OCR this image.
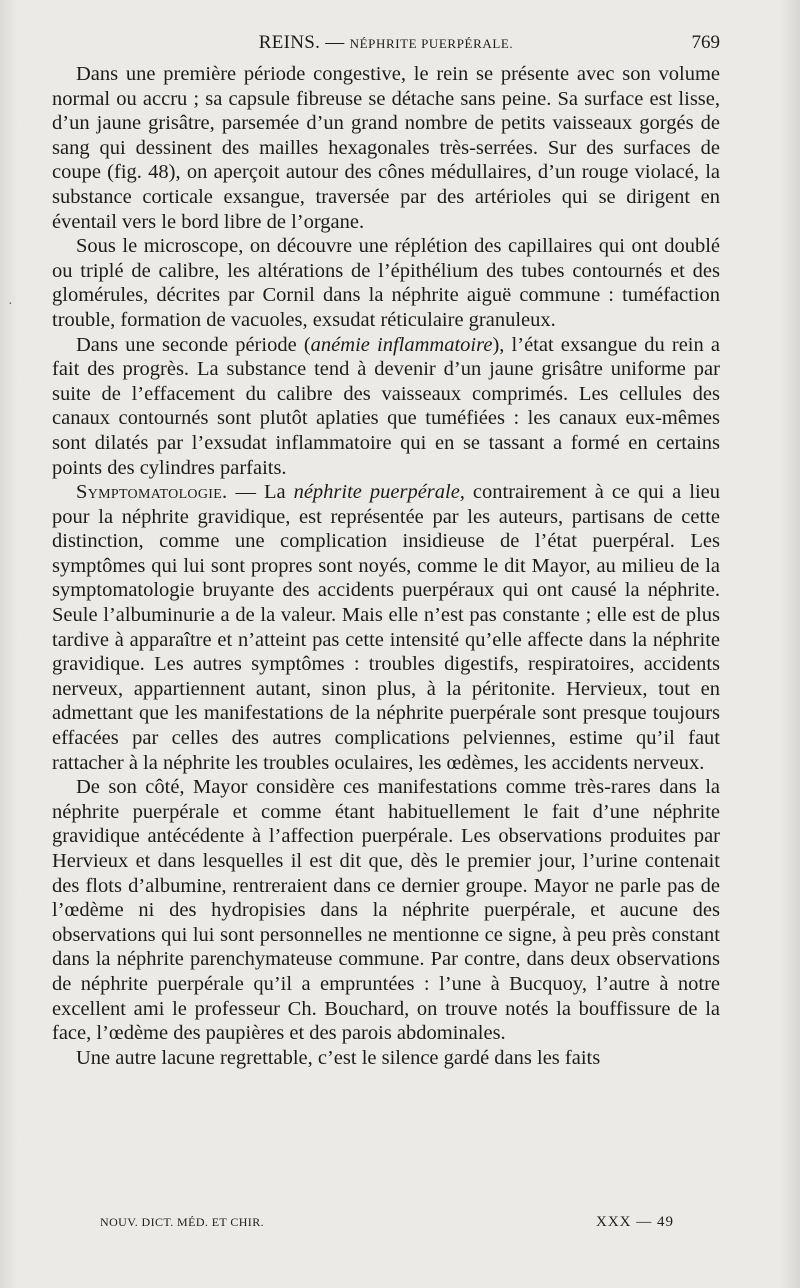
·
REINS. — NÉPHRITE PUERPÉRALE.	769

Dans une première période congestive, le rein se présente avec son volume normal ou accru ; sa capsule fibreuse se détache sans peine. Sa surface est lisse, d’un jaune grisâtre, parsemée d’un grand nombre de petits vaisseaux gorgés de sang qui dessinent des mailles hexagonales très-serrées. Sur des surfaces de coupe (fig. 48), on aperçoit autour des cônes médullaires, d’un rouge violacé, la substance corticale exsangue, traversée par des artérioles qui se dirigent en éventail vers le bord libre de l’organe.

Sous le microscope, on découvre une réplétion des capillaires qui ont doublé ou triplé de calibre, les altérations de l’épithélium des tubes contournés et des glomérules, décrites par Cornil dans la néphrite aiguë commune : tuméfaction trouble, formation de vacuoles, exsudat réticulaire granuleux.

Dans une seconde période (anémie inflammatoire), l’état exsangue du rein a fait des progrès. La substance tend à devenir d’un jaune grisâtre uniforme par suite de l’effacement du calibre des vaisseaux comprimés. Les cellules des canaux contournés sont plutôt aplaties que tuméfiées : les canaux eux-mêmes sont dilatés par l’exsudat inflammatoire qui en se tassant a formé en certains points des cylindres parfaits.

Symptomatologie. — La néphrite puerpérale, contrairement à ce qui a lieu pour la néphrite gravidique, est représentée par les auteurs, partisans de cette distinction, comme une complication insidieuse de l’état puerpéral. Les symptômes qui lui sont propres sont noyés, comme le dit Mayor, au milieu de la symptomatologie bruyante des accidents puerpéraux qui ont causé la néphrite. Seule l’albuminurie a de la valeur. Mais elle n’est pas constante ; elle est de plus tardive à apparaître et n’atteint pas cette intensité qu’elle affecte dans la néphrite gravidique. Les autres symptômes : troubles digestifs, respiratoires, accidents nerveux, appartiennent autant, sinon plus, à la péritonite. Hervieux, tout en admettant que les manifestations de la néphrite puerpérale sont presque toujours effacées par celles des autres complications pelviennes, estime qu’il faut rattacher à la néphrite les troubles oculaires, les œdèmes, les accidents nerveux.

De son côté, Mayor considère ces manifestations comme très-rares dans la néphrite puerpérale et comme étant habituellement le fait d’une néphrite gravidique antécédente à l’affection puerpérale. Les observations produites par Hervieux et dans lesquelles il est dit que, dès le premier jour, l’urine contenait des flots d’albumine, rentreraient dans ce dernier groupe. Mayor ne parle pas de l’œdème ni des hydropisies dans la néphrite puerpérale, et aucune des observations qui lui sont personnelles ne mentionne ce signe, à peu près constant dans la néphrite parenchymateuse commune. Par contre, dans deux observations de néphrite puerpérale qu’il a empruntées : l’une à Bucquoy, l’autre à notre excellent ami le professeur Ch. Bouchard, on trouve notés la bouffissure de la face, l’œdème des paupières et des parois abdominales.

Une autre lacune regrettable, c’est le silence gardé dans les faits

NOUV. DICT. MÉD. ET CHIR.	XXX — 49
